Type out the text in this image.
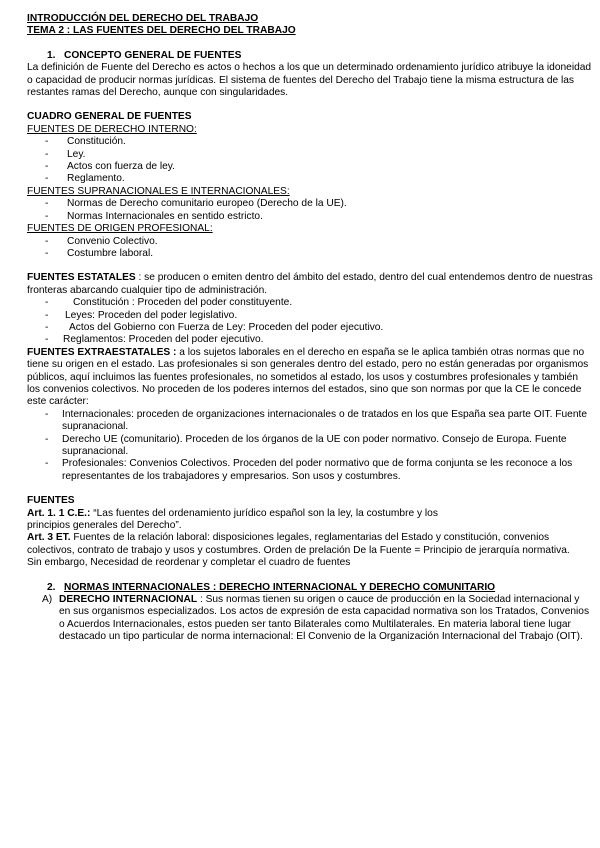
INTRODUCCIÓN DEL DERECHO DEL TRABAJO
TEMA 2 : LAS FUENTES DEL DERECHO DEL TRABAJO
1. CONCEPTO GENERAL DE FUENTES
La definición de Fuente del Derecho es actos o hechos a los que un determinado ordenamiento jurídico atribuye la idoneidad o capacidad de producir normas jurídicas. El sistema de fuentes del Derecho del Trabajo tiene la misma estructura de las restantes ramas del Derecho, aunque con singularidades.
CUADRO GENERAL DE FUENTES
FUENTES DE DERECHO INTERNO:
- Constitución.
- Ley.
- Actos con fuerza de ley.
- Reglamento.
FUENTES SUPRANACIONALES E INTERNACIONALES:
- Normas de Derecho comunitario europeo (Derecho de la UE).
- Normas Internacionales en sentido estricto.
FUENTES DE ORIGEN PROFESIONAL:
- Convenio Colectivo.
- Costumbre laboral.
FUENTES ESTATALES : se producen o emiten dentro del ámbito del estado, dentro del cual entendemos dentro de nuestras fronteras abarcando cualquier tipo de administración.
- Constitución : Proceden del poder constituyente.
- Leyes: Proceden del poder legislativo.
- Actos del Gobierno con Fuerza de Ley: Proceden del poder ejecutivo.
- Reglamentos: Proceden del poder ejecutivo.
FUENTES EXTRAESTATALES : a los sujetos laborales en el derecho en españa se le aplica también otras normas que no tiene su origen en el estado. Las profesionales si son generales dentro del estado, pero no están generadas por organismos públicos, aquí incluimos las fuentes profesionales, no sometidos al estado, los usos y costumbres profesionales y también los convenios colectivos. No proceden de los poderes internos del estados, sino que son normas por que la CE le concede este carácter:
- Internacionales: proceden de organizaciones internacionales o de tratados en los que España sea parte OIT. Fuente supranacional.
- Derecho UE (comunitario). Proceden de los órganos de la UE con poder normativo. Consejo de Europa. Fuente supranacional.
- Profesionales: Convenios Colectivos. Proceden del poder normativo que de forma conjunta se les reconoce a los representantes de los trabajadores y empresarios. Son usos y costumbres.
FUENTES
Art. 1. 1 C.E.: “Las fuentes del ordenamiento jurídico español son la ley, la costumbre y los
principios generales del Derecho”.
Art. 3 ET. Fuentes de la relación laboral: disposiciones legales, reglamentarias del Estado y constitución, convenios colectivos, contrato de trabajo y usos y costumbres. Orden de prelación De la Fuente = Principio de jerarquía normativa.
Sin embargo, Necesidad de reordenar y completar el cuadro de fuentes
2. NORMAS INTERNACIONALES : DERECHO INTERNACIONAL Y DERECHO COMUNITARIO
A) DERECHO INTERNACIONAL : Sus normas tienen su origen o cauce de producción en la Sociedad internacional y en sus organismos especializados. Los actos de expresión de esta capacidad normativa son los Tratados, Convenios o Acuerdos Internacionales, estos pueden ser tanto Bilaterales como Multilaterales. En materia laboral tiene lugar destacado un tipo particular de norma internacional: El Convenio de la Organización Internacional del Trabajo (OIT).
